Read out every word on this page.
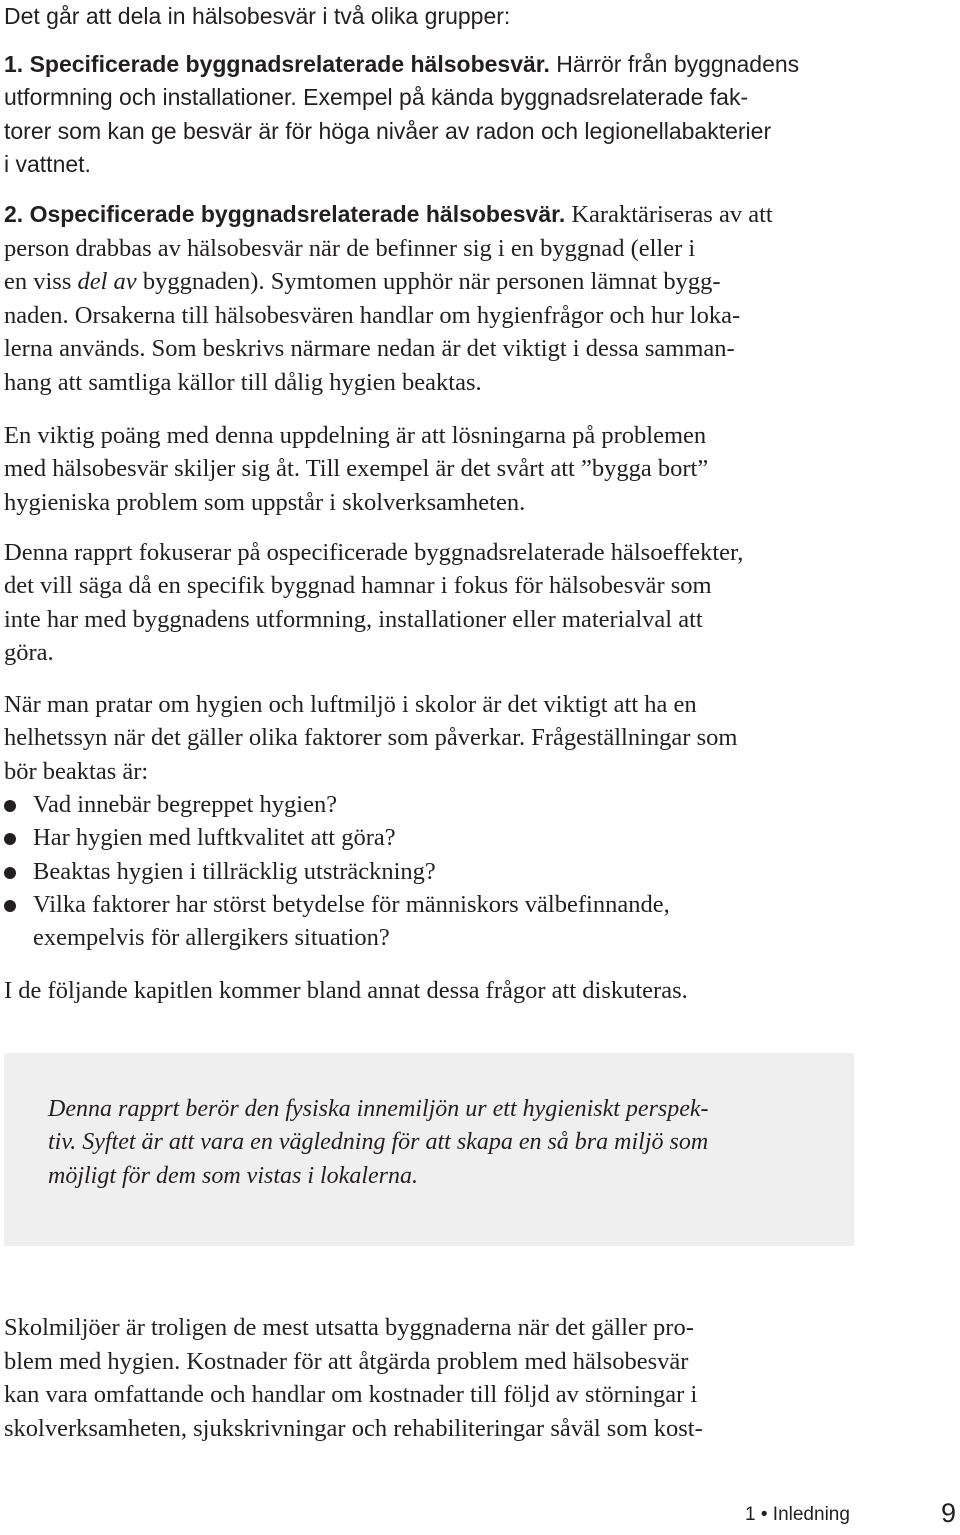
Det går att dela in hälsobesvär i två olika grupper:

1. Specificerade byggnadsrelaterade hälsobesvär. Härrör från byggnadens

utformning och installationer. Exempel på kända byggnadsrelaterade fak-

torer som kan ge besvär är för höga nivåer av radon och legionellabakterier

i vattnet.

2. Ospecificerade byggnadsrelaterade hälsobesvär. Karaktäriseras av att

person drabbas av hälsobesvär när de befinner sig i en byggnad (eller i

en viss del av byggnaden). Symtomen upphör när personen lämnat bygg-

naden. Orsakerna till hälsobesvären handlar om hygienfrågor och hur loka-

lerna används. Som beskrivs närmare nedan är det viktigt i dessa samman-

hang att samtliga källor till dålig hygien beaktas.

En viktig poäng med denna uppdelning är att lösningarna på problemen

med hälsobesvär skiljer sig åt. Till exempel är det svårt att ”bygga bort”

hygieniska problem som uppstår i skolverksamheten.

Denna rapprt fokuserar på ospecificerade byggnadsrelaterade hälsoeffekter,

det vill säga då en specifik byggnad hamnar i fokus för hälsobesvär som

inte har med byggnadens utformning, installationer eller materialval att

göra.

När man pratar om hygien och luftmiljö i skolor är det viktigt att ha en

helhetssyn när det gäller olika faktorer som påverkar. Frågeställningar som

bör beaktas är:

Vad innebär begreppet hygien?
Har hygien med luftkvalitet att göra?
Beaktas hygien i tillräcklig utsträckning?
Vilka faktorer har störst betydelse för människors välbefinnande,
exempelvis för allergikers situation?

I de följande kapitlen kommer bland annat dessa frågor att diskuteras.

Denna rapprt berör den fysiska innemiljön ur ett hygieniskt perspek-

tiv. Syftet är att vara en vägledning för att skapa en så bra miljö som

möjligt för dem som vistas i lokalerna.

Skolmiljöer är troligen de mest utsatta byggnaderna när det gäller pro-

blem med hygien. Kostnader för att åtgärda problem med hälsobesvär

kan vara omfattande och handlar om kostnader till följd av störningar i

skolverksamheten, sjukskrivningar och rehabiliteringar såväl som kost-

1 • Inledning	9
